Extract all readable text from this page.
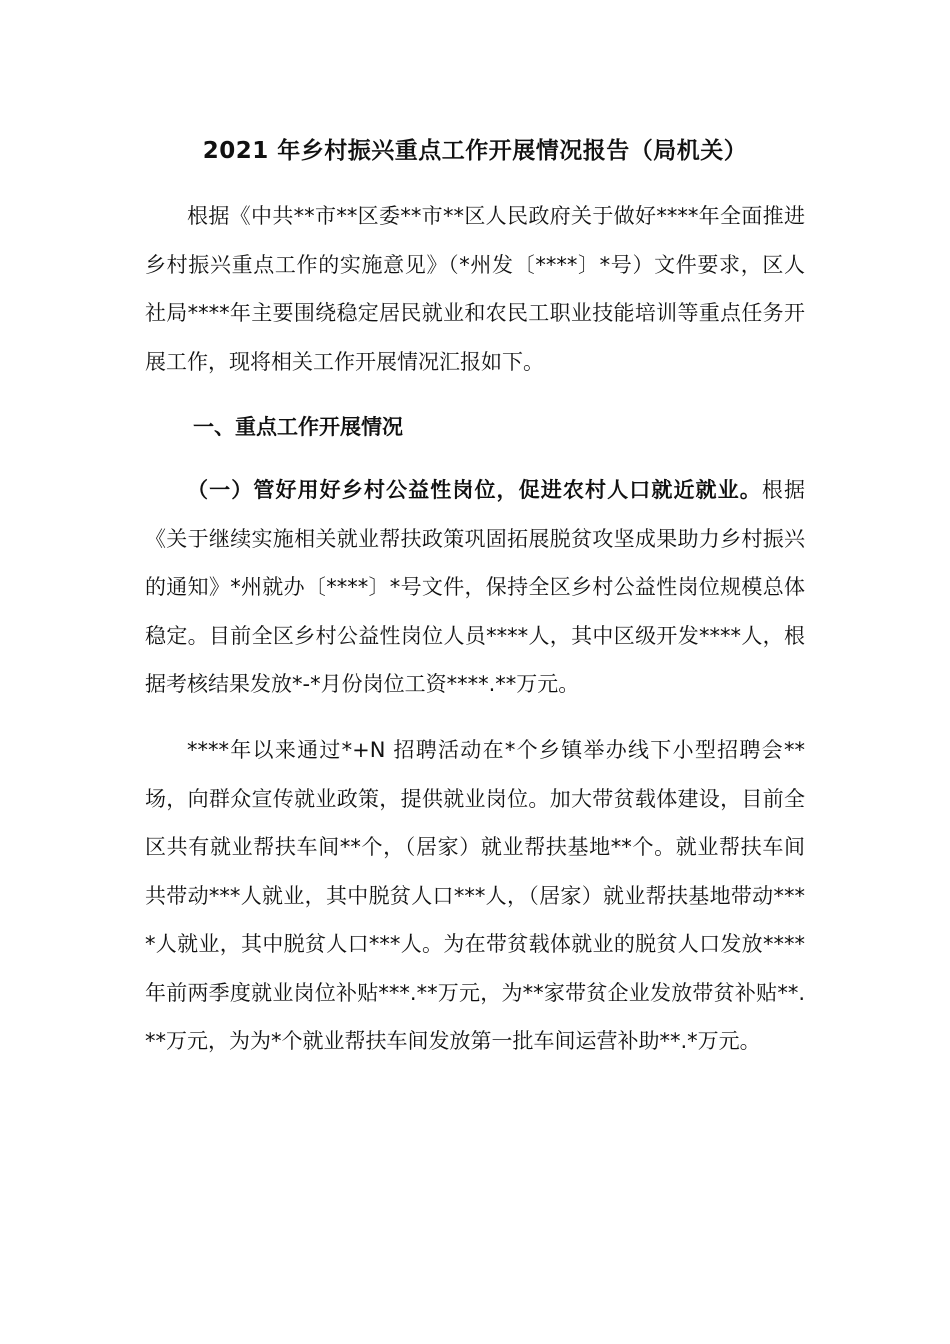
2021 年乡村振兴重点工作开展情况报告（局机关）

根据《中共**市**区委**市**区人民政府关于做好****年全面推进乡村振兴重点工作的实施意见》（*州发〔****〕*号）文件要求，区人社局****年主要围绕稳定居民就业和农民工职业技能培训等重点任务开展工作，现将相关工作开展情况汇报如下。

一、重点工作开展情况

（一）管好用好乡村公益性岗位，促进农村人口就近就业。根据《关于继续实施相关就业帮扶政策巩固拓展脱贫攻坚成果助力乡村振兴的通知》*州就办〔****〕*号文件，保持全区乡村公益性岗位规模总体稳定。目前全区乡村公益性岗位人员****人，其中区级开发****人，根据考核结果发放*-*月份岗位工资****.**万元。

****年以来通过*+N 招聘活动在*个乡镇举办线下小型招聘会**场，向群众宣传就业政策，提供就业岗位。加大带贫载体建设，目前全区共有就业帮扶车间**个，（居家）就业帮扶基地**个。就业帮扶车间共带动***人就业，其中脱贫人口***人，（居家）就业帮扶基地带动****人就业，其中脱贫人口***人。为在带贫载体就业的脱贫人口发放****年前两季度就业岗位补贴***.**万元，为**家带贫企业发放带贫补贴**.**万元，为为*个就业帮扶车间发放第一批车间运营补助**.*万元。
